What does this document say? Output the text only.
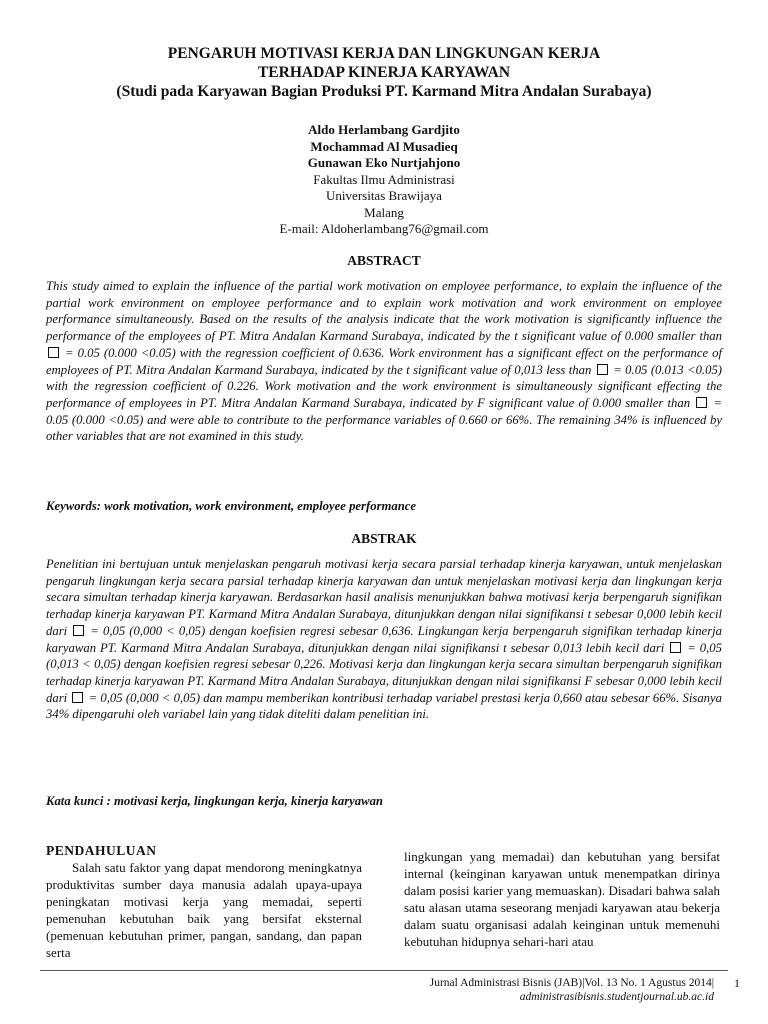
PENGARUH MOTIVASI KERJA DAN LINGKUNGAN KERJA
TERHADAP KINERJA KARYAWAN
(Studi pada Karyawan Bagian Produksi PT. Karmand Mitra Andalan Surabaya)
Aldo Herlambang Gardjito
Mochammad Al Musadieq
Gunawan Eko Nurtjahjono
Fakultas Ilmu Administrasi
Universitas Brawijaya
Malang
E-mail: Aldoherlambang76@gmail.com
ABSTRACT

This study aimed to explain the influence of the partial work motivation on employee performance, to explain the influence of the partial work environment on employee performance and to explain work motivation and work environment on employee performance simultaneously. Based on the results of the analysis indicate that the work motivation is significantly influence the performance of the employees of PT. Mitra Andalan Karmand Surabaya, indicated by the t significant value of 0.000 smaller than  = 0.05 (0.000 <0.05) with the regression coefficient of 0.636. Work environment has a significant effect on the performance of employees of PT. Mitra Andalan Karmand Surabaya, indicated by the t significant value of 0,013 less than = 0.05 (0.013 <0.05) with the regression coefficient of 0.226. Work motivation and the work environment is simultaneously significant effecting the performance of employees in PT. Mitra Andalan Karmand Surabaya, indicated by F significant value of 0.000 smaller than = 0.05 (0.000 <0.05) and were able to contribute to the performance variables of 0.660 or 66%. The remaining 34% is influenced by other variables that are not examined in this study.

Keywords: work motivation, work environment, employee performance

ABSTRAK

Penelitian ini bertujuan untuk menjelaskan pengaruh motivasi kerja secara parsial terhadap kinerja karyawan, untuk menjelaskan pengaruh lingkungan kerja secara parsial terhadap kinerja karyawan dan untuk menjelaskan motivasi kerja dan lingkungan kerja secara simultan terhadap kinerja karyawan. Berdasarkan hasil analisis menunjukkan bahwa motivasi kerja berpengaruh signifikan terhadap kinerja karyawan PT. Karmand Mitra Andalan Surabaya, ditunjukkan dengan nilai signifikansi t sebesar 0,000 lebih kecil dari = 0,05 (0,000 < 0,05) dengan koefisien regresi sebesar 0,636. Lingkungan kerja berpengaruh signifikan terhadap kinerja karyawan PT. Karmand Mitra Andalan Surabaya, ditunjukkan dengan nilai signifikansi t sebesar 0,013 lebih kecil dari = 0,05 (0,013 < 0,05) dengan koefisien regresi sebesar 0,226. Motivasi kerja dan lingkungan kerja secara simultan berpengaruh signifikan terhadap kinerja karyawan PT. Karmand Mitra Andalan Surabaya, ditunjukkan dengan nilai signifikansi F sebesar 0,000 lebih kecil dari = 0,05 (0,000 < 0,05) dan mampu memberikan kontribusi terhadap variabel prestasi kerja 0,660 atau sebesar 66%. Sisanya 34% dipengaruhi oleh variabel lain yang tidak diteliti dalam penelitian ini.

Kata kunci : motivasi kerja, lingkungan kerja, kinerja karyawan

PENDAHULUAN

Salah satu faktor yang dapat mendorong meningkatnya produktivitas sumber daya manusia adalah upaya-upaya peningkatan motivasi kerja yang memadai, seperti pemenuhan kebutuhan baik yang bersifat eksternal (pemenuan kebutuhan primer, pangan, sandang, dan papan serta

lingkungan yang memadai) dan kebutuhan yang bersifat internal (keinginan karyawan untuk menempatkan dirinya dalam posisi karier yang memuaskan). Disadari bahwa salah satu alasan utama seseorang menjadi karyawan atau bekerja dalam suatu organisasi adalah keinginan untuk memenuhi kebutuhan hidupnya sehari-hari atau

Jurnal Administrasi Bisnis (JAB)|Vol. 13 No. 1 Agustus 2014|
administrasibisnis.studentjournal.ub.ac.id
1
